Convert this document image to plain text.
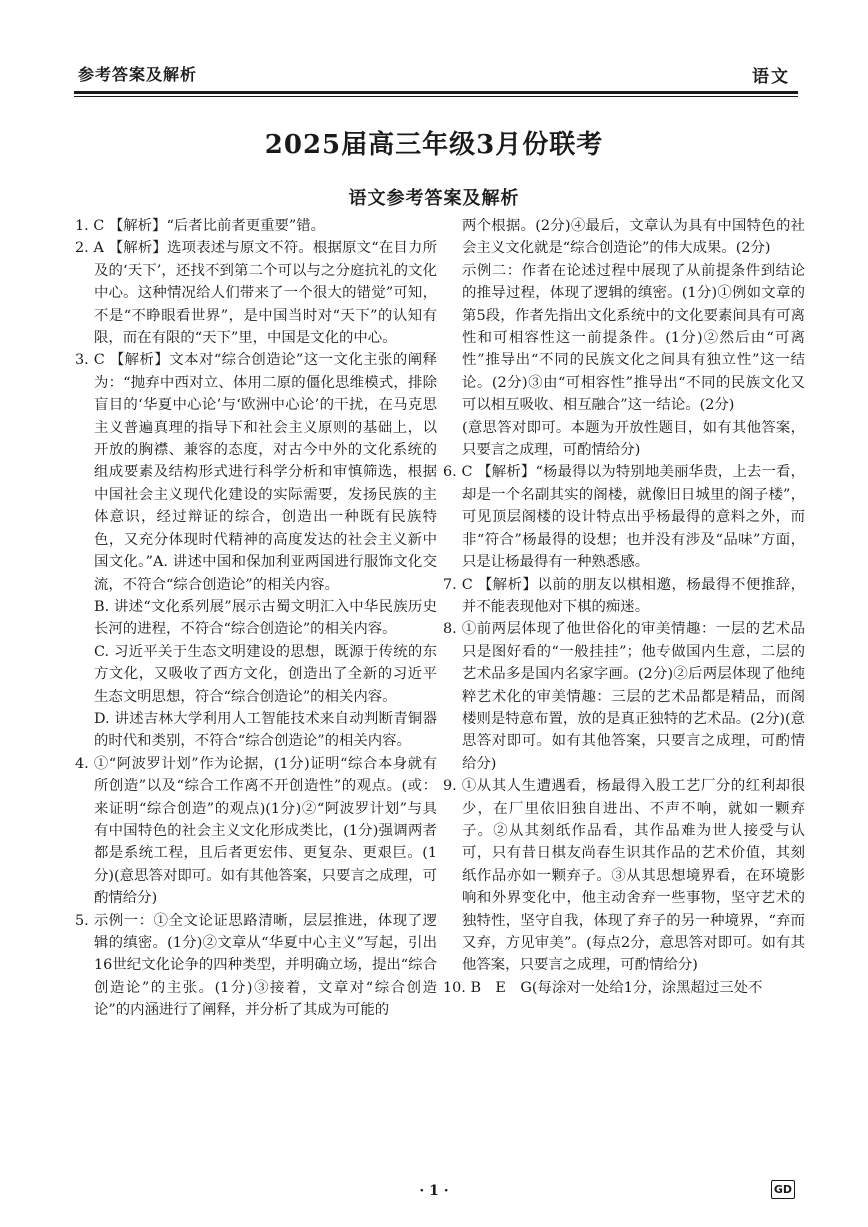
参考答案及解析	语文
2025届高三年级3月份联考
语文参考答案及解析

1. C 【解析】“后者比前者更重要”错。

2. A 【解析】选项表述与原文不符。根据原文“在目力所及的‘天下’，还找不到第二个可以与之分庭抗礼的文化中心。这种情况给人们带来了一个很大的错觉”可知，不是“不睁眼看世界”，是中国当时对“天下”的认知有限，而在有限的“天下”里，中国是文化的中心。

3. C 【解析】文本对“综合创造论”这一文化主张的阐释为：“抛弃中西对立、体用二原的僵化思维模式，排除盲目的‘华夏中心论’与‘欧洲中心论’的干扰，在马克思主义普遍真理的指导下和社会主义原则的基础上，以开放的胸襟、兼容的态度，对古今中外的文化系统的组成要素及结构形式进行科学分析和审慎筛选，根据中国社会主义现代化建设的实际需要，发扬民族的主体意识，经过辩证的综合，创造出一种既有民族特色，又充分体现时代精神的高度发达的社会主义新中国文化。”A. 讲述中国和保加利亚两国进行服饰文化交流，不符合“综合创造论”的相关内容。

B. 讲述“文化系列展”展示古蜀文明汇入中华民族历史长河的进程，不符合“综合创造论”的相关内容。

C. 习近平关于生态文明建设的思想，既源于传统的东方文化，又吸收了西方文化，创造出了全新的习近平生态文明思想，符合“综合创造论”的相关内容。

D. 讲述吉林大学利用人工智能技术来自动判断青铜器的时代和类别，不符合“综合创造论”的相关内容。

4. ①“阿波罗计划”作为论据，(1分)证明“综合本身就有所创造”以及“综合工作离不开创造性”的观点。(或：来证明“综合创造”的观点)(1分)②“阿波罗计划”与具有中国特色的社会主义文化形成类比，(1分)强调两者都是系统工程，且后者更宏伟、更复杂、更艰巨。(1分)(意思答对即可。如有其他答案，只要言之成理，可酌情给分)

5. 示例一：①全文论证思路清晰，层层推进，体现了逻辑的缜密。(1分)②文章从“华夏中心主义”写起，引出16世纪文化论争的四种类型，并明确立场，提出“综合创造论”的主张。(1分)③接着，文章对“综合创造论”的内涵进行了阐释，并分析了其成为可能的

两个根据。(2分)④最后，文章认为具有中国特色的社会主义文化就是“综合创造论”的伟大成果。(2分)

示例二：作者在论述过程中展现了从前提条件到结论的推导过程，体现了逻辑的缜密。(1分)①例如文章的第5段，作者先指出文化系统中的文化要素间具有可离性和可相容性这一前提条件。(1分)②然后由“可离性”推导出“不同的民族文化之间具有独立性”这一结论。(2分)③由“可相容性”推导出“不同的民族文化又可以相互吸收、相互融合”这一结论。(2分)

(意思答对即可。本题为开放性题目，如有其他答案，只要言之成理，可酌情给分)

6. C 【解析】“杨最得以为特别地美丽华贵，上去一看，却是一个名副其实的阁楼，就像旧日城里的阁子楼”，可见顶层阁楼的设计特点出乎杨最得的意料之外，而非“符合”杨最得的设想；也并没有涉及“品味”方面，只是让杨最得有一种熟悉感。

7. C 【解析】以前的朋友以棋相邀，杨最得不便推辞，并不能表现他对下棋的痴迷。

8. ①前两层体现了他世俗化的审美情趣：一层的艺术品只是图好看的“一般挂挂”；他专做国内生意，二层的艺术品多是国内名家字画。(2分)②后两层体现了他纯粹艺术化的审美情趣：三层的艺术品都是精品，而阁楼则是特意布置，放的是真正独特的艺术品。(2分)(意思答对即可。如有其他答案，只要言之成理，可酌情给分)

9. ①从其人生遭遇看，杨最得入股工艺厂分的红利却很少，在厂里依旧独自进出、不声不响，就如一颗弃子。②从其刻纸作品看，其作品难为世人接受与认可，只有昔日棋友尚春生识其作品的艺术价值，其刻纸作品亦如一颗弃子。③从其思想境界看，在环境影响和外界变化中，他主动舍弃一些事物，坚守艺术的独特性，坚守自我，体现了弃子的另一种境界，“弃而又弃，方见审美”。(每点2分，意思答对即可。如有其他答案，只要言之成理，可酌情给分)

10. B　E　G(每涂对一处给1分，涂黑超过三处不

· 1 ·	GD
